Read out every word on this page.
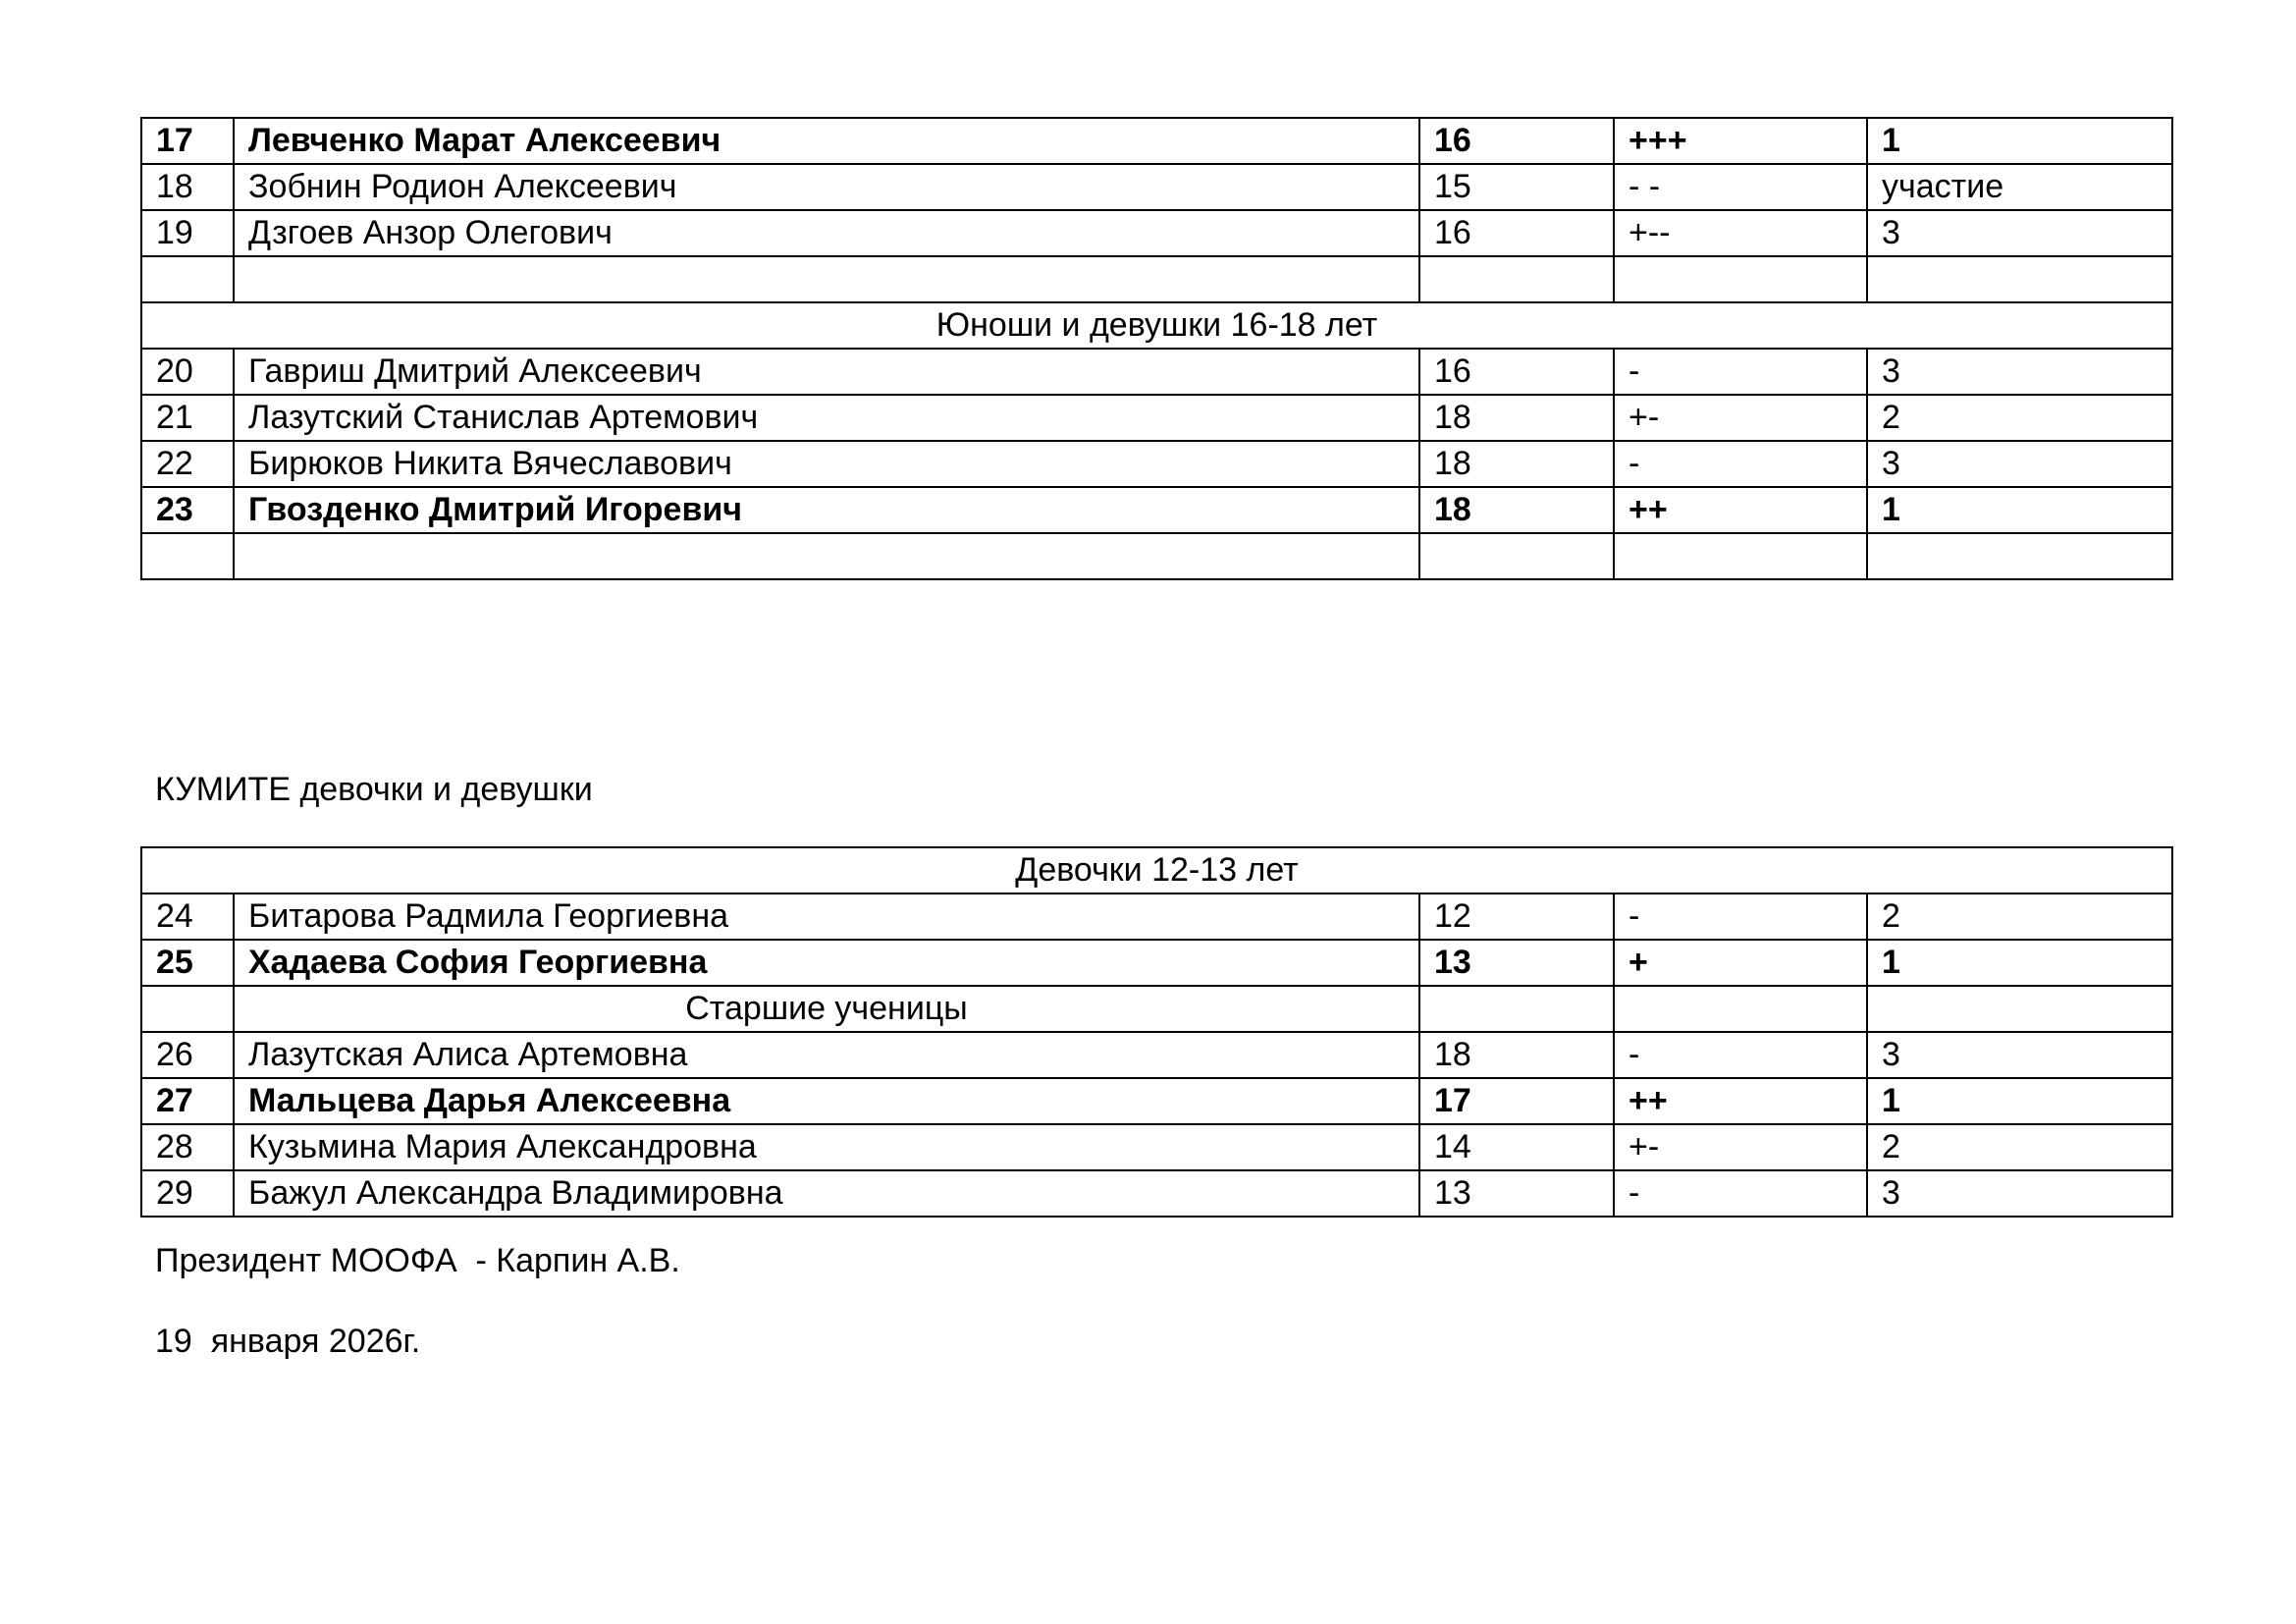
17	Левченко Марат Алексеевич	16	+++	1
18	Зобнин Родион Алексеевич	15	- -	участие
19	Дзгоев Анзор Олегович	16	+--	3

Юноши и девушки 16-18 лет				
20	Гавриш Дмитрий Алексеевич	16	-	3
21	Лазутский Станислав Артемович	18	+-	2
22	Бирюков Никита Вячеславович	18	-	3
23	Гвозденко Дмитрий Игоревич	18	++	1

КУМИТЕ девочки и девушки
Девочки 12-13 лет				
24	Битарова Радмила Георгиевна	12	-	2
25	Хадаева София Георгиевна	13	+	1
	Старшие ученицы			
26	Лазутская Алиса Артемовна	18	-	3
27	Мальцева Дарья Алексеевна	17	++	1
28	Кузьмина Мария Александровна	14	+-	2
29	Бажул Александра Владимировна	13	-	3
Президент МООФА  - Карпин А.В.
19  января 2026г.
